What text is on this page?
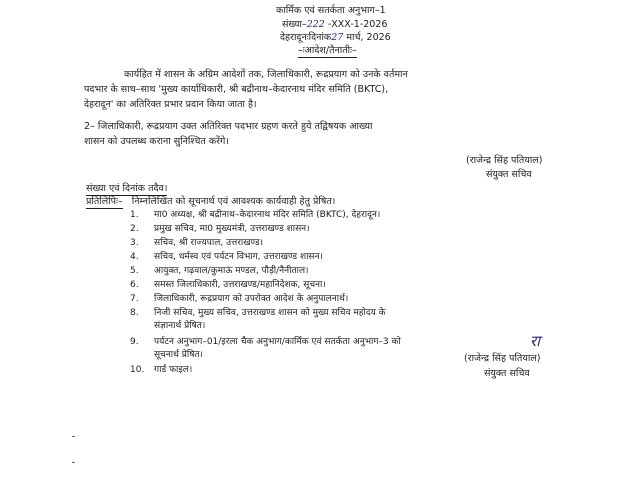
कार्मिक एवं सतर्कता अनुभाग–1
संख्या–222 -XXX-1-2026
देहरादूनःदिनांक27 मार्च, 2026
–ःआदेश/तैनातीः–
कार्यहित में शासन के अग्रिम आदेशों तक, जिलाधिकारी, रूद्रप्रयाग को उनके वर्तमान
पदभार के साथ–साथ 'मुख्य कार्याधिकारी, श्री बद्रीनाथ–केदारनाथ मंदिर समिति (BKTC),
देहरादून' का अतिरिक्त प्रभार प्रदान किया जाता है।
2– जिलाधिकारी, रूद्रप्रयाग उक्त अतिरिक्त पदभार ग्रहण करते हुये तद्विषयक आख्या
शासन को उपलब्ध कराना सुनिश्चित करेंगे।
(राजेन्द्र सिंह पतियाल)
संयुक्त सचिव
संख्या एवं दिनांक तदैव।
प्रतिलिपिः– निम्नलिखित को सूचनार्थ एवं आवश्यक कार्यवाही हेतु प्रेषित।
1. मा0 अध्यक्ष, श्री बद्रीनाथ–केदारनाथ मंदिर समिति (BKTC), देहरादून।
2. प्रमुख सचिव, मा0 मुख्यमंत्री, उत्तराखण्ड शासन।
3. सचिव, श्री राज्यपाल, उत्तराखण्ड।
4. सचिव, धर्मस्व एवं पर्यटन विभाग, उत्तराखण्ड शासन।
5. आयुक्त, गढ़वाल/कुमाऊं मण्डल, पौड़ी/नैनीताल।
6. समस्त जिलाधिकारी, उत्तराखण्ड/महानिदेशक, सूचना।
7. जिलाधिकारी, रूद्रप्रयाग को उपरोक्त आदेश के अनुपालनार्थ।
8. निजी सचिव, मुख्य सचिव, उत्तराखण्ड शासन को मुख्य सचिव महोदय के
संज्ञानार्थ प्रेषित।
9. पर्यटन अनुभाग–01/इरला चैक अनुभाग/कार्मिक एवं सतर्कता अनुभाग–3 को
सूचनार्थ प्रेषित।
10. गार्ड फाइल।
रा
(राजेन्द्र सिंह पतियाल)
संयुक्त सचिव
